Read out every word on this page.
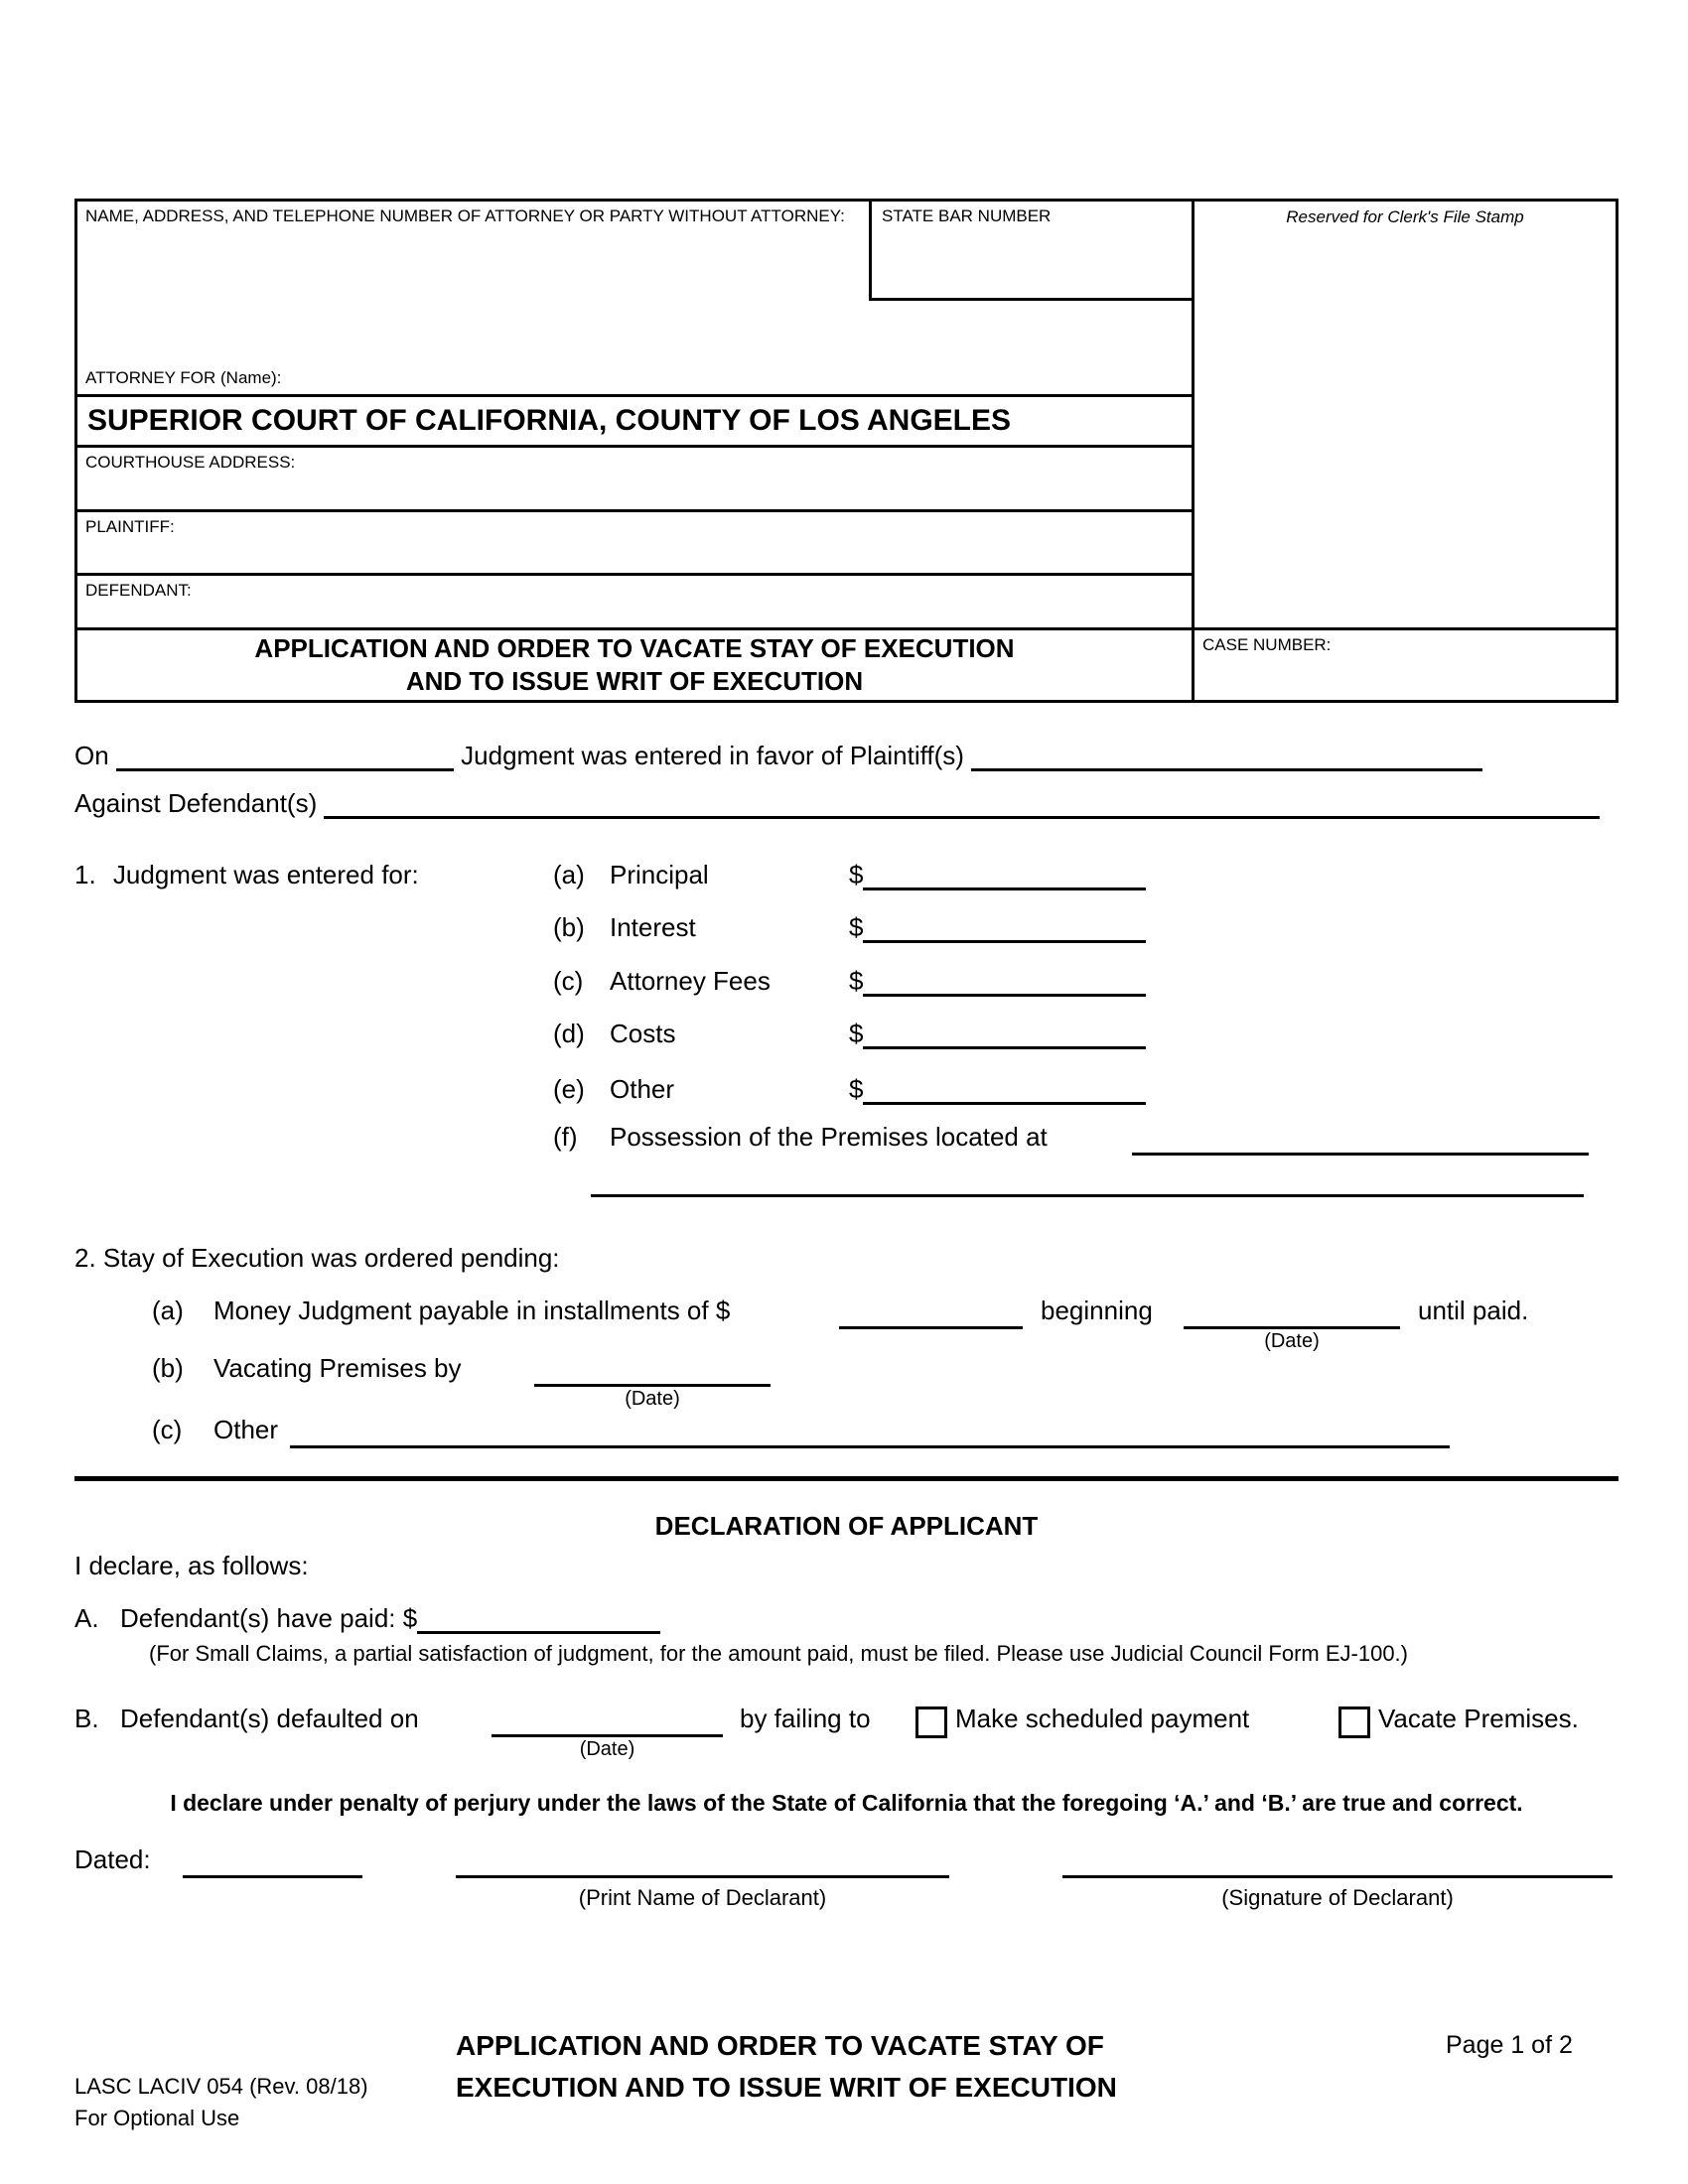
NAME, ADDRESS, AND TELEPHONE NUMBER OF ATTORNEY OR PARTY WITHOUT ATTORNEY:
ATTORNEY FOR (Name):
STATE BAR NUMBER
SUPERIOR COURT OF CALIFORNIA, COUNTY OF LOS ANGELES
COURTHOUSE ADDRESS:
PLAINTIFF:
DEFENDANT:
APPLICATION AND ORDER TO VACATE STAY OF EXECUTION
AND TO ISSUE WRIT OF EXECUTION
Reserved for Clerk's File Stamp
CASE NUMBER:
On	Judgment was entered in favor of Plaintiff(s)
Against Defendant(s)
1. Judgment was entered for:	(a) Principal	$
(b) Interest	$
(c) Attorney Fees	$
(d) Costs	$
(e) Other	$
(f) Possession of the Premises located at
2. Stay of Execution was ordered pending:
(a) Money Judgment payable in installments of $	beginning	until paid.
(Date)
(b) Vacating Premises by
(Date)
(c) Other
DECLARATION OF APPLICANT
I declare, as follows:
A. Defendant(s) have paid: $
(For Small Claims, a partial satisfaction of judgment, for the amount paid, must be filed. Please use Judicial Council Form EJ-100.)
B. Defendant(s) defaulted on
(Date)
by failing to	Make scheduled payment	Vacate Premises.
I declare under penalty of perjury under the laws of the State of California that the foregoing ‘A.’ and ‘B.’ are true and correct.
Dated:
(Print Name of Declarant)	(Signature of Declarant)
APPLICATION AND ORDER TO VACATE STAY OF
EXECUTION AND TO ISSUE WRIT OF EXECUTION
Page 1 of 2
LASC LACIV 054 (Rev. 08/18)
For Optional Use
